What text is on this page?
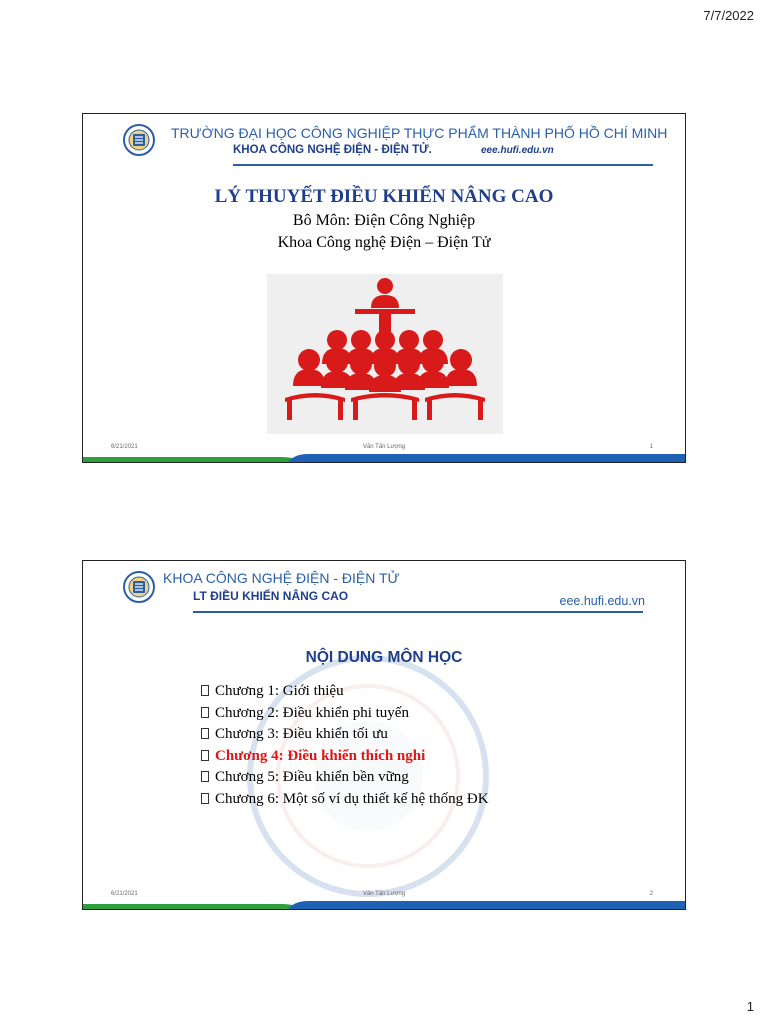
7/7/2022
TRƯỜNG ĐẠI HỌC CÔNG NGHIỆP THỰC PHẨM THÀNH PHỐ HỒ CHÍ MINH
KHOA CÔNG NGHỆ ĐIỆN - ĐIỆN TỬ.	eee.hufi.edu.vn
LÝ THUYẾT ĐIỀU KHIỂN NÂNG CAO
Bô Môn: Điện Công Nghiệp
Khoa Công nghệ Điện – Điện Tử
6/21/2021	Văn Tấn Lượng	1
KHOA CÔNG NGHỆ ĐIỆN - ĐIỆN TỬ
LT ĐIỀU KHIỂN NÂNG CAO	eee.hufi.edu.vn
NỘI DUNG MÔN HỌC
Chương 1: Giới thiệu
Chương 2: Điều khiển phi tuyến
Chương 3: Điều khiển tối ưu
Chương 4: Điều khiển thích nghi
Chương 5: Điều khiển bền vững
Chương 6: Một số ví dụ thiết kế hệ thống ĐK
6/21/2021	Văn Tấn Lượng	2
1
